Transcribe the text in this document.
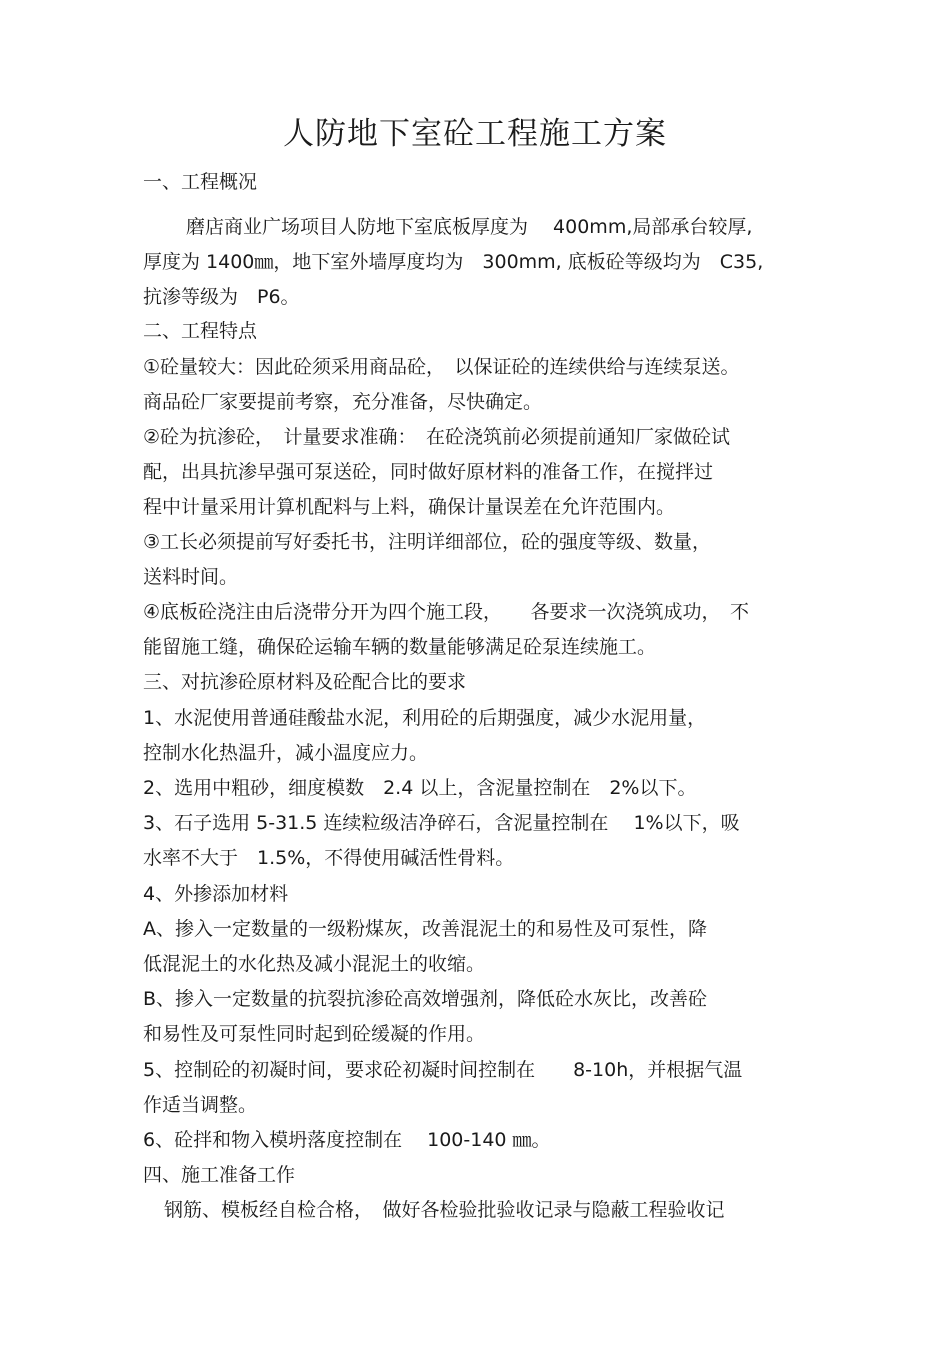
人防地下室砼工程施工方案
一、工程概况
磨店商业广场项目人防地下室底板厚度为　 400mm,局部承台较厚,
厚度为 1400㎜，地下室外墙厚度均为　300mm, 底板砼等级均为　C35,
抗渗等级为　P6。
二、工程特点
①砼量较大：因此砼须采用商品砼，　以保证砼的连续供给与连续泵送。
商品砼厂家要提前考察，充分准备，尽快确定。
②砼为抗渗砼，　计量要求准确：　在砼浇筑前必须提前通知厂家做砼试
配，出具抗渗早强可泵送砼，同时做好原材料的准备工作，在搅拌过
程中计量采用计算机配料与上料，确保计量误差在允许范围内。
③工长必须提前写好委托书，注明详细部位，砼的强度等级、数量，
送料时间。
④底板砼浇注由后浇带分开为四个施工段，　　各要求一次浇筑成功，　不
能留施工缝，确保砼运输车辆的数量能够满足砼泵连续施工。
三、对抗渗砼原材料及砼配合比的要求
1、水泥使用普通硅酸盐水泥，利用砼的后期强度，减少水泥用量，
控制水化热温升，减小温度应力。
2、选用中粗砂，细度模数　2.4 以上，含泥量控制在　2%以下。
3、石子选用 5-31.5 连续粒级洁净碎石，含泥量控制在　 1%以下，吸
水率不大于　1.5%，不得使用碱活性骨料。
4、外掺添加材料
A、掺入一定数量的一级粉煤灰，改善混泥土的和易性及可泵性，降
低混泥土的水化热及减小混泥土的收缩。
B、掺入一定数量的抗裂抗渗砼高效增强剂，降低砼水灰比，改善砼
和易性及可泵性同时起到砼缓凝的作用。
5、控制砼的初凝时间，要求砼初凝时间控制在　　8-10h，并根据气温
作适当调整。
6、砼拌和物入模坍落度控制在　 100-140 ㎜。
四、施工准备工作
钢筋、模板经自检合格，　做好各检验批验收记录与隐蔽工程验收记
